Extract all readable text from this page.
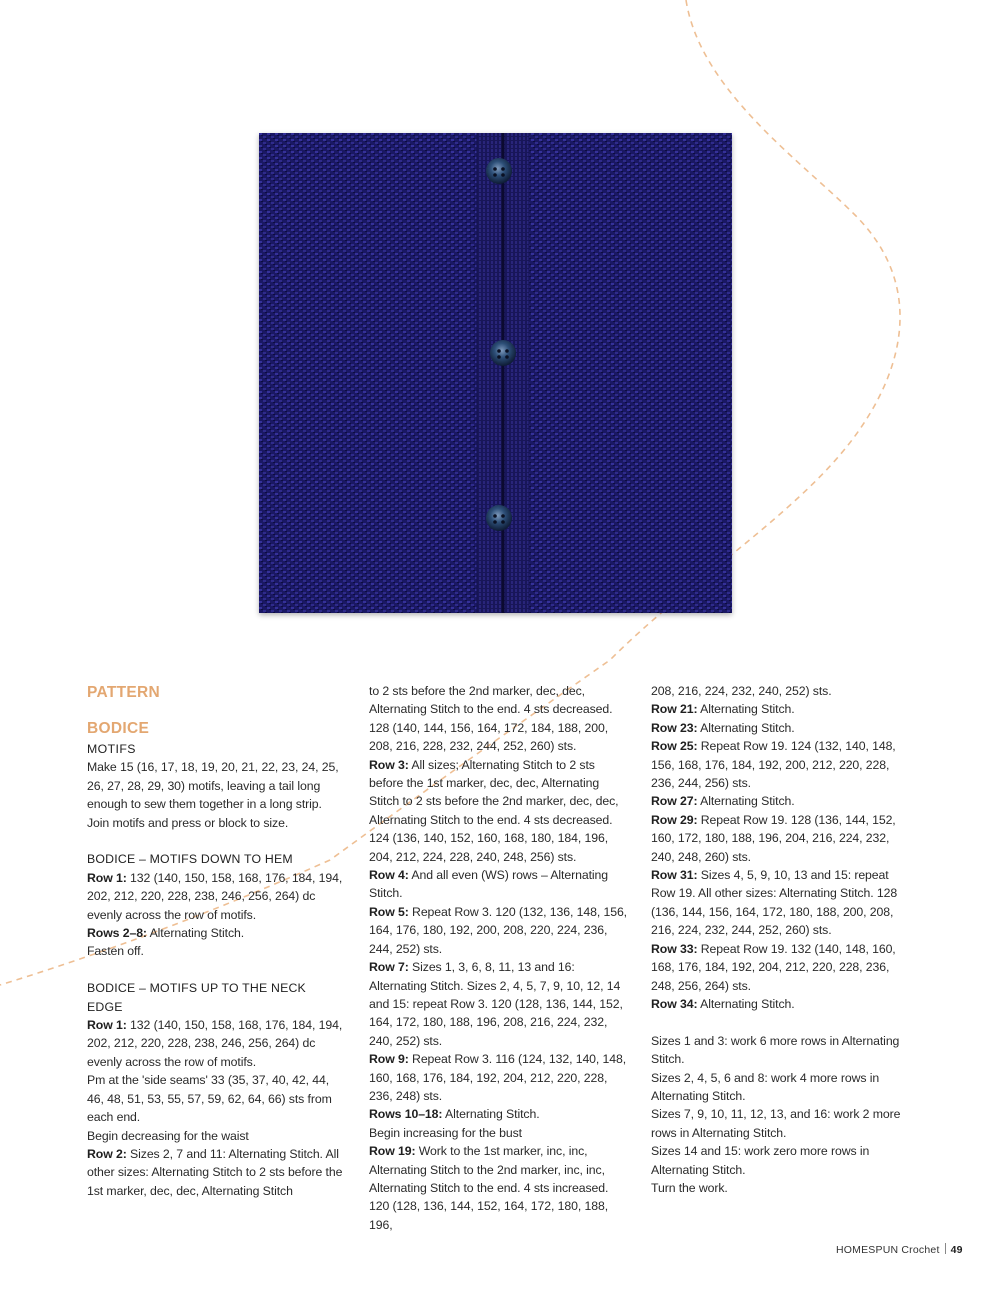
PATTERN

BODICE

MOTIFS

Make 15 (16, 17, 18, 19, 20, 21, 22, 23, 24, 25, 26, 27, 28, 29, 30) motifs, leaving a tail long enough to sew them together in a long strip. Join motifs and press or block to size.

BODICE – MOTIFS DOWN TO HEM

Row 1: 132 (140, 150, 158, 168, 176, 184, 194, 202, 212, 220, 228, 238, 246, 256, 264) dc evenly across the row of motifs.

Rows 2–8: Alternating Stitch.

Fasten off.

BODICE – MOTIFS UP TO THE NECK EDGE

Row 1: 132 (140, 150, 158, 168, 176, 184, 194, 202, 212, 220, 228, 238, 246, 256, 264) dc evenly across the row of motifs.

Pm at the 'side seams' 33 (35, 37, 40, 42, 44, 46, 48, 51, 53, 55, 57, 59, 62, 64, 66) sts from each end.

Begin decreasing for the waist

Row 2: Sizes 2, 7 and 11: Alternating Stitch. All other sizes: Alternating Stitch to 2 sts before the 1st marker, dec, dec, Alternating Stitch

to 2 sts before the 2nd marker, dec, dec, Alternating Stitch to the end. 4 sts decreased. 128 (140, 144, 156, 164, 172, 184, 188, 200, 208, 216, 228, 232, 244, 252, 260) sts.

Row 3: All sizes; Alternating Stitch to 2 sts before the 1st marker, dec, dec, Alternating Stitch to 2 sts before the 2nd marker, dec, dec, Alternating Stitch to the end. 4 sts decreased. 124 (136, 140, 152, 160, 168, 180, 184, 196, 204, 212, 224, 228, 240, 248, 256) sts.

Row 4: And all even (WS) rows – Alternating Stitch.

Row 5: Repeat Row 3. 120 (132, 136, 148, 156, 164, 176, 180, 192, 200, 208, 220, 224, 236, 244, 252) sts.

Row 7: Sizes 1, 3, 6, 8, 11, 13 and 16: Alternating Stitch. Sizes 2, 4, 5, 7, 9, 10, 12, 14 and 15: repeat Row 3. 120 (128, 136, 144, 152, 164, 172, 180, 188, 196, 208, 216, 224, 232, 240, 252) sts.

Row 9: Repeat Row 3. 116 (124, 132, 140, 148, 160, 168, 176, 184, 192, 204, 212, 220, 228, 236, 248) sts.

Rows 10–18: Alternating Stitch.

Begin increasing for the bust

Row 19: Work to the 1st marker, inc, inc, Alternating Stitch to the 2nd marker, inc, inc, Alternating Stitch to the end. 4 sts increased. 120 (128, 136, 144, 152, 164, 172, 180, 188, 196,

208, 216, 224, 232, 240, 252) sts.

Row 21: Alternating Stitch.

Row 23: Alternating Stitch.

Row 25: Repeat Row 19. 124 (132, 140, 148, 156, 168, 176, 184, 192, 200, 212, 220, 228, 236, 244, 256) sts.

Row 27: Alternating Stitch.

Row 29: Repeat Row 19. 128 (136, 144, 152, 160, 172, 180, 188, 196, 204, 216, 224, 232, 240, 248, 260) sts.

Row 31: Sizes 4, 5, 9, 10, 13 and 15: repeat Row 19. All other sizes: Alternating Stitch. 128 (136, 144, 156, 164, 172, 180, 188, 200, 208, 216, 224, 232, 244, 252, 260) sts.

Row 33: Repeat Row 19. 132 (140, 148, 160, 168, 176, 184, 192, 204, 212, 220, 228, 236, 248, 256, 264) sts.

Row 34: Alternating Stitch.

Sizes 1 and 3: work 6 more rows in Alternating Stitch.

Sizes 2, 4, 5, 6 and 8: work 4 more rows in Alternating Stitch.

Sizes 7, 9, 10, 11, 12, 13, and 16: work 2 more rows in Alternating Stitch.

Sizes 14 and 15: work zero more rows in Alternating Stitch.

Turn the work.

HOMESPUN Crochet 49
